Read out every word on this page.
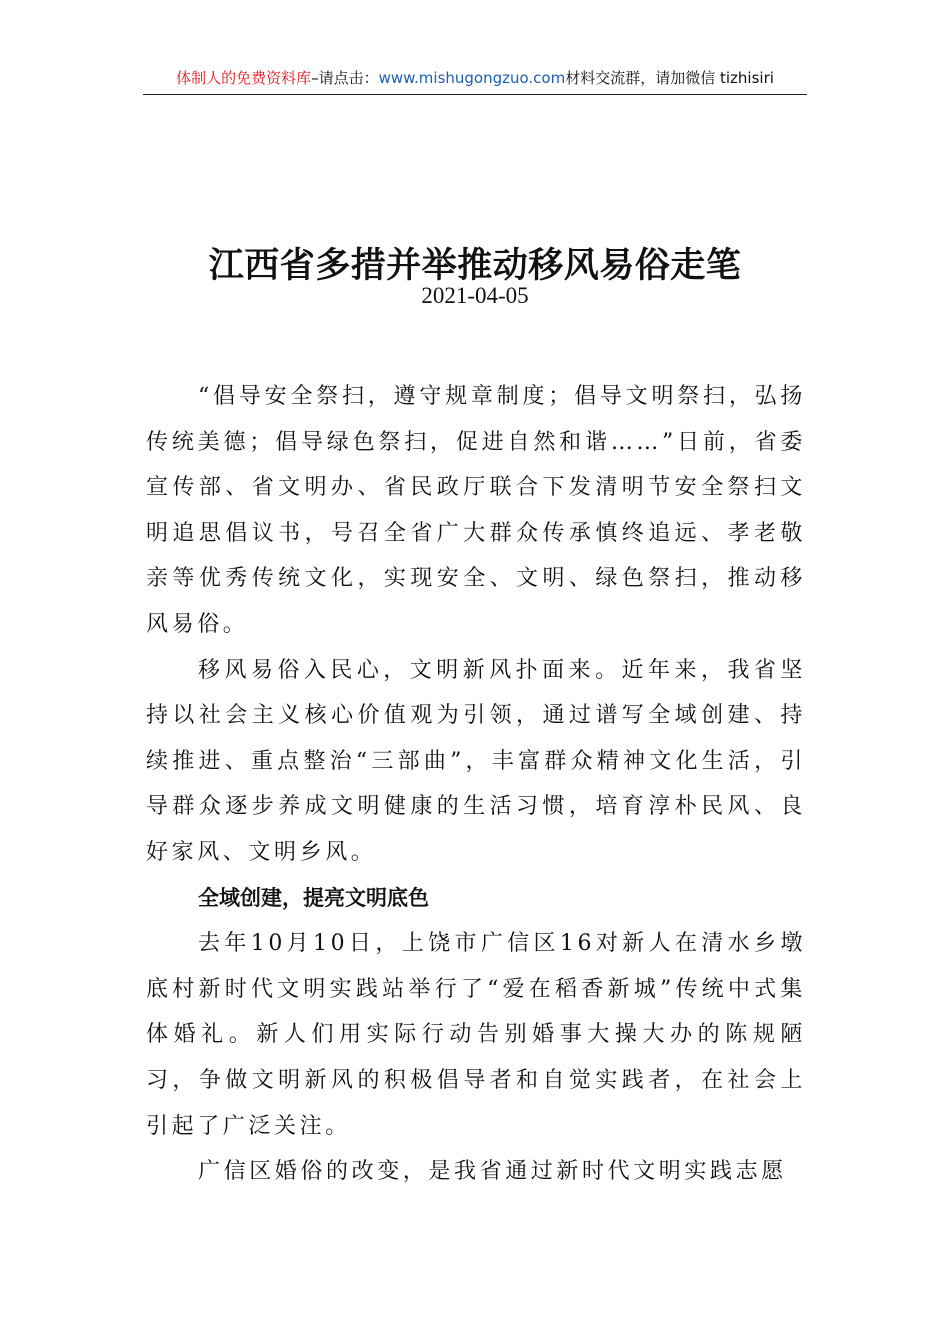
体制人的免费资料库–请点击：www.mishugongzuo.com材料交流群，请加微信 tizhisiri
江西省多措并举推动移风易俗走笔
2021-04-05

“倡导安全祭扫，遵守规章制度；倡导文明祭扫，弘扬传统美德；倡导绿色祭扫，促进自然和谐……”日前，省委宣传部、省文明办、省民政厅联合下发清明节安全祭扫文明追思倡议书，号召全省广大群众传承慎终追远、孝老敬亲等优秀传统文化，实现安全、文明、绿色祭扫，推动移风易俗。

移风易俗入民心，文明新风扑面来。近年来，我省坚持以社会主义核心价值观为引领，通过谱写全域创建、持续推进、重点整治“三部曲”，丰富群众精神文化生活，引导群众逐步养成文明健康的生活习惯，培育淳朴民风、良好家风、文明乡风。

全域创建，提亮文明底色

去年10月10日，上饶市广信区16对新人在清水乡墩底村新时代文明实践站举行了“爱在稻香新城”传统中式集体婚礼。新人们用实际行动告别婚事大操大办的陈规陋习，争做文明新风的积极倡导者和自觉实践者，在社会上引起了广泛关注。

广信区婚俗的改变，是我省通过新时代文明实践志愿
